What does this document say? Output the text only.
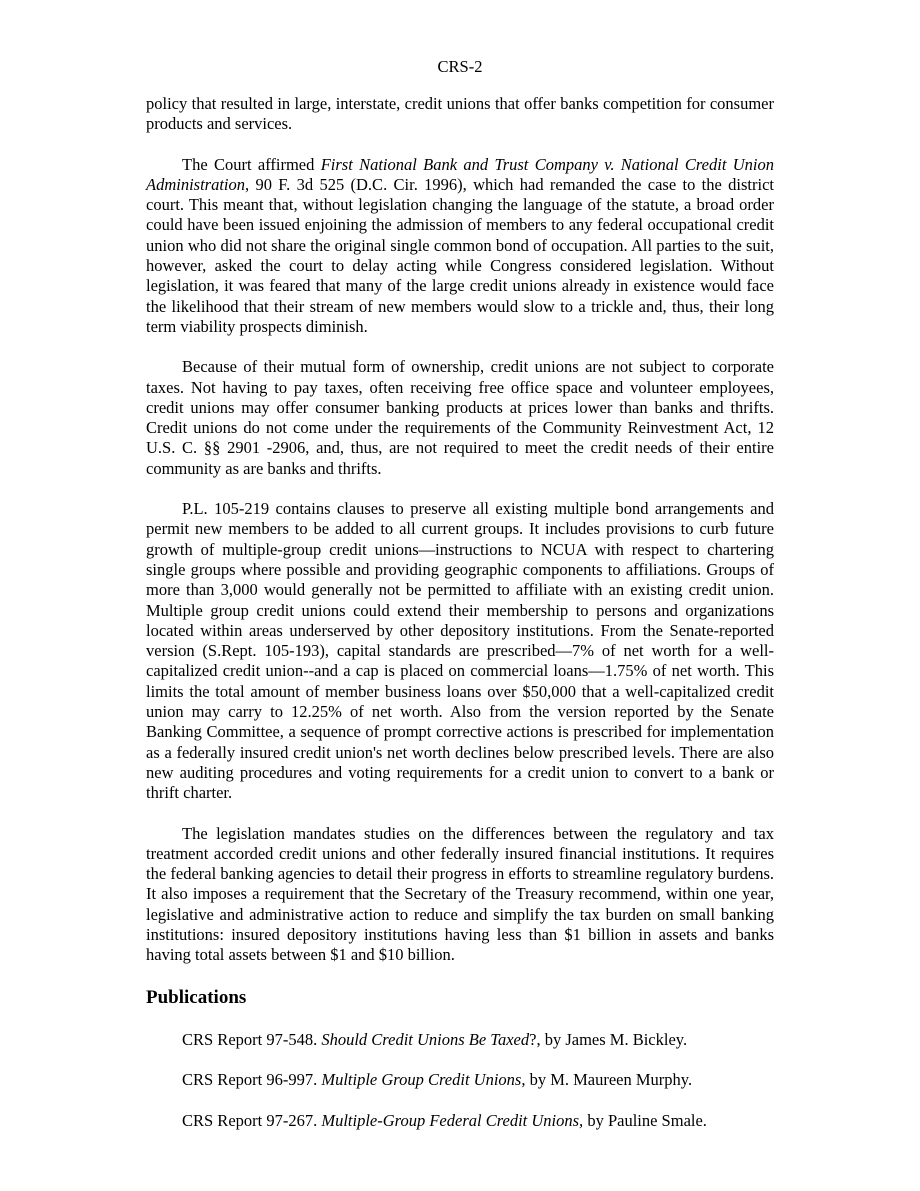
CRS-2

policy that resulted in large, interstate, credit unions that offer banks competition for consumer products and services.

The Court affirmed First National Bank and Trust Company v. National Credit Union Administration, 90 F. 3d 525 (D.C. Cir. 1996), which had remanded the case to the district court. This meant that, without legislation changing the language of the statute, a broad order could have been issued enjoining the admission of members to any federal occupational credit union who did not share the original single common bond of occupation. All parties to the suit, however, asked the court to delay acting while Congress considered legislation. Without legislation, it was feared that many of the large credit unions already in existence would face the likelihood that their stream of new members would slow to a trickle and, thus, their long term viability prospects diminish.

Because of their mutual form of ownership, credit unions are not subject to corporate taxes. Not having to pay taxes, often receiving free office space and volunteer employees, credit unions may offer consumer banking products at prices lower than banks and thrifts. Credit unions do not come under the requirements of the Community Reinvestment Act, 12 U.S. C. §§ 2901 -2906, and, thus, are not required to meet the credit needs of their entire community as are banks and thrifts.

P.L. 105-219 contains clauses to preserve all existing multiple bond arrangements and permit new members to be added to all current groups. It includes provisions to curb future growth of multiple-group credit unions—instructions to NCUA with respect to chartering single groups where possible and providing geographic components to affiliations. Groups of more than 3,000 would generally not be permitted to affiliate with an existing credit union. Multiple group credit unions could extend their membership to persons and organizations located within areas underserved by other depository institutions. From the Senate-reported version (S.Rept. 105-193), capital standards are prescribed—7% of net worth for a well-capitalized credit union--and a cap is placed on commercial loans—1.75% of net worth. This limits the total amount of member business loans over $50,000 that a well-capitalized credit union may carry to 12.25% of net worth. Also from the version reported by the Senate Banking Committee, a sequence of prompt corrective actions is prescribed for implementation as a federally insured credit union's net worth declines below prescribed levels. There are also new auditing procedures and voting requirements for a credit union to convert to a bank or thrift charter.

The legislation mandates studies on the differences between the regulatory and tax treatment accorded credit unions and other federally insured financial institutions. It requires the federal banking agencies to detail their progress in efforts to streamline regulatory burdens. It also imposes a requirement that the Secretary of the Treasury recommend, within one year, legislative and administrative action to reduce and simplify the tax burden on small banking institutions: insured depository institutions having less than $1 billion in assets and banks having total assets between $1 and $10 billion.

Publications
CRS Report 97-548. Should Credit Unions Be Taxed?, by James M. Bickley.
CRS Report 96-997. Multiple Group Credit Unions, by M. Maureen Murphy.
CRS Report 97-267. Multiple-Group Federal Credit Unions, by Pauline Smale.
